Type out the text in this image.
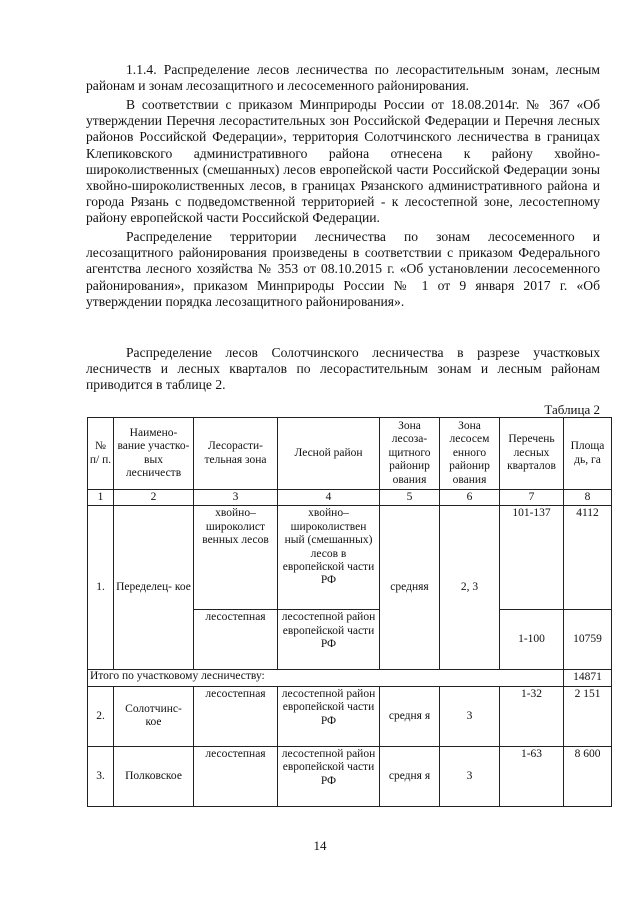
1.1.4. Распределение лесов лесничества по лесорастительным зонам, лесным районам и зонам лесозащитного и лесосеменного районирования.

В соответствии с приказом Минприроды России от 18.08.2014г. № 367 «Об утверждении Перечня лесорастительных зон Российской Федерации и Перечня лесных районов Российской Федерации», территория Солотчинского лесничества в границах Клепиковского административного района отнесена к району хвойно-широколиственных (смешанных) лесов европейской части Российской Федерации зоны хвойно-широколиственных лесов, в границах Рязанского административного района и города Рязань с подведомственной территорией - к лесостепной зоне, лесостепному району европейской части Российской Федерации.

Распределение территории лесничества по зонам лесосеменного и лесозащитного районирования произведены в соответствии с приказом Федерального агентства лесного хозяйства № 353 от 08.10.2015 г. «Об установлении лесосеменного районирования», приказом Минприроды России № 1 от 9 января 2017 г. «Об утверждении порядка лесозащитного районирования».

Распределение лесов Солотчинского лесничества в разрезе участковых лесничеств и лесных кварталов по лесорастительным зонам и лесным районам приводится в таблице 2.

Таблица 2
№ п/ п.	Наимено- вание участко- вых лесничеств	Лесорасти- тельная зона	Лесной район	Зона лесоза- щитного районир ования	Зона лесосем енного районир ования	Перечень лесных кварталов	Площа дь, га
1	2	3	4	5	6	7	8
1.	Переделец- кое	хвойно– широколист венных лесов	хвойно– широколиствен ный (смешанных) лесов в европейской части РФ	средняя	2, 3	101-137	4112
		лесостепная	лесостепной район европейской части РФ			1-100	10759
Итого по участковому лесничеству:							14871
2.	Солотчинс- кое	лесостепная	лесостепной район европейской части РФ	средня я	3	1-32	2 151
3.	Полковское	лесостепная	лесостепной район европейской части РФ	средня я	3	1-63	8 600
14
